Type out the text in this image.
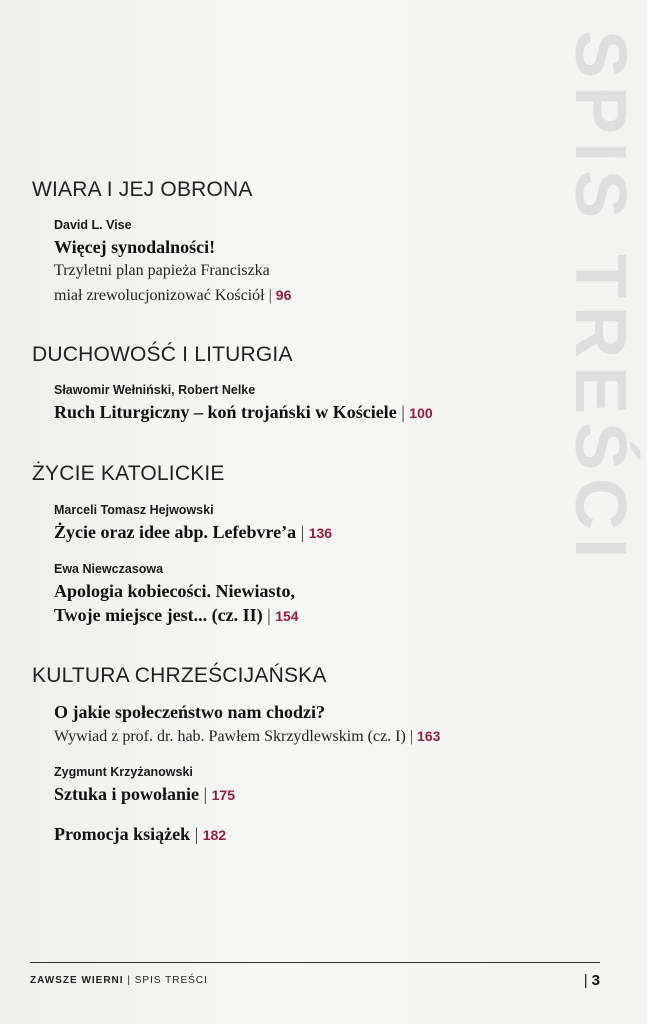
SPIS TREŚCI
WIARA I JEJ OBRONA
David L. Vise
Więcej synodalności!
Trzyletni plan papieża Franciszka
miał zrewolucjonizować Kościół | 96
DUCHOWOŚĆ I LITURGIA
Sławomir Wełniński, Robert Nelke
Ruch Liturgiczny – koń trojański w Kościele | 100
ŻYCIE KATOLICKIE
Marceli Tomasz Hejwowski
Życie oraz idee abp. Lefebvre’a | 136
Ewa Niewczasowa
Apologia kobiecości. Niewiasto,
Twoje miejsce jest... (cz. II) | 154
KULTURA CHRZEŚCIJAŃSKA
O jakie społeczeństwo nam chodzi?
Wywiad z prof. dr. hab. Pawłem Skrzydlewskim (cz. I) | 163
Zygmunt Krzyżanowski
Sztuka i powołanie | 175
Promocja książek | 182
ZAWSZE WIERNI | SPIS TREŚCI	| 3
